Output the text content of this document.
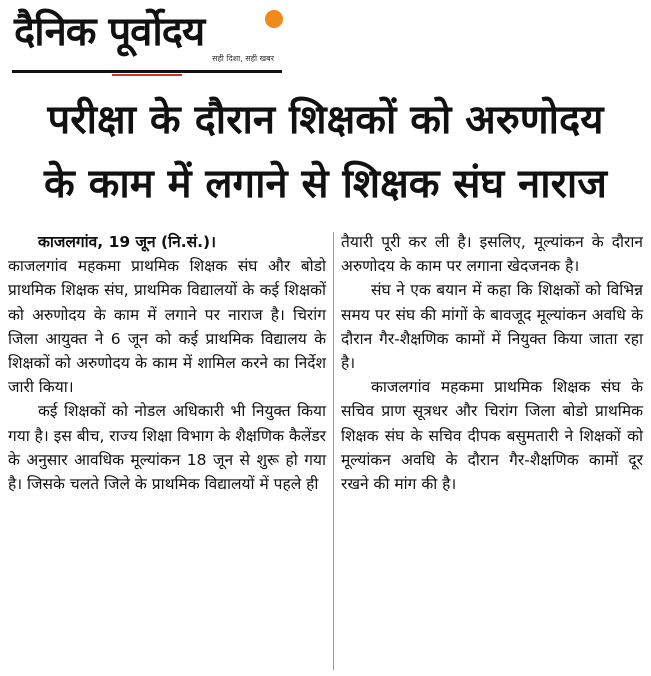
दैनिक पूर्वोदय
सही दिशा, सही खबर
परीक्षा के दौरान शिक्षकों को अरुणोदय
के काम में लगाने से शिक्षक संघ नाराज

काजलगांव, 19 जून (नि.सं.)।

काजलगांव महकमा प्राथमिक शिक्षक संघ और बोडो प्राथमिक शिक्षक संघ, प्राथमिक विद्यालयों के कई शिक्षकों को अरुणोदय के काम में लगाने पर नाराज है। चिरांग जिला आयुक्त ने 6 जून को कई प्राथमिक विद्यालय के शिक्षकों को अरुणोदय के काम में शामिल करने का निर्देश जारी किया।

कई शिक्षकों को नोडल अधिकारी भी नियुक्त किया गया है। इस बीच, राज्य शिक्षा विभाग के शैक्षणिक कैलेंडर के अनुसार आवधिक मूल्यांकन 18 जून से शुरू हो गया है। जिसके चलते जिले के प्राथमिक विद्यालयों में पहले ही

तैयारी पूरी कर ली है। इसलिए, मूल्यांकन के दौरान अरुणोदय के काम पर लगाना खेदजनक है।

संघ ने एक बयान में कहा कि शिक्षकों को विभिन्न समय पर संघ की मांगों के बावजूद मूल्यांकन अवधि के दौरान गैर-शैक्षणिक कामों में नियुक्त किया जाता रहा है।

काजलगांव महकमा प्राथमिक शिक्षक संघ के सचिव प्राण सूत्रधर और चिरांग जिला बोडो प्राथमिक शिक्षक संघ के सचिव दीपक बसुमतारी ने शिक्षकों को मूल्यांकन अवधि के दौरान गैर-शैक्षणिक कामों दूर रखने की मांग की है।
